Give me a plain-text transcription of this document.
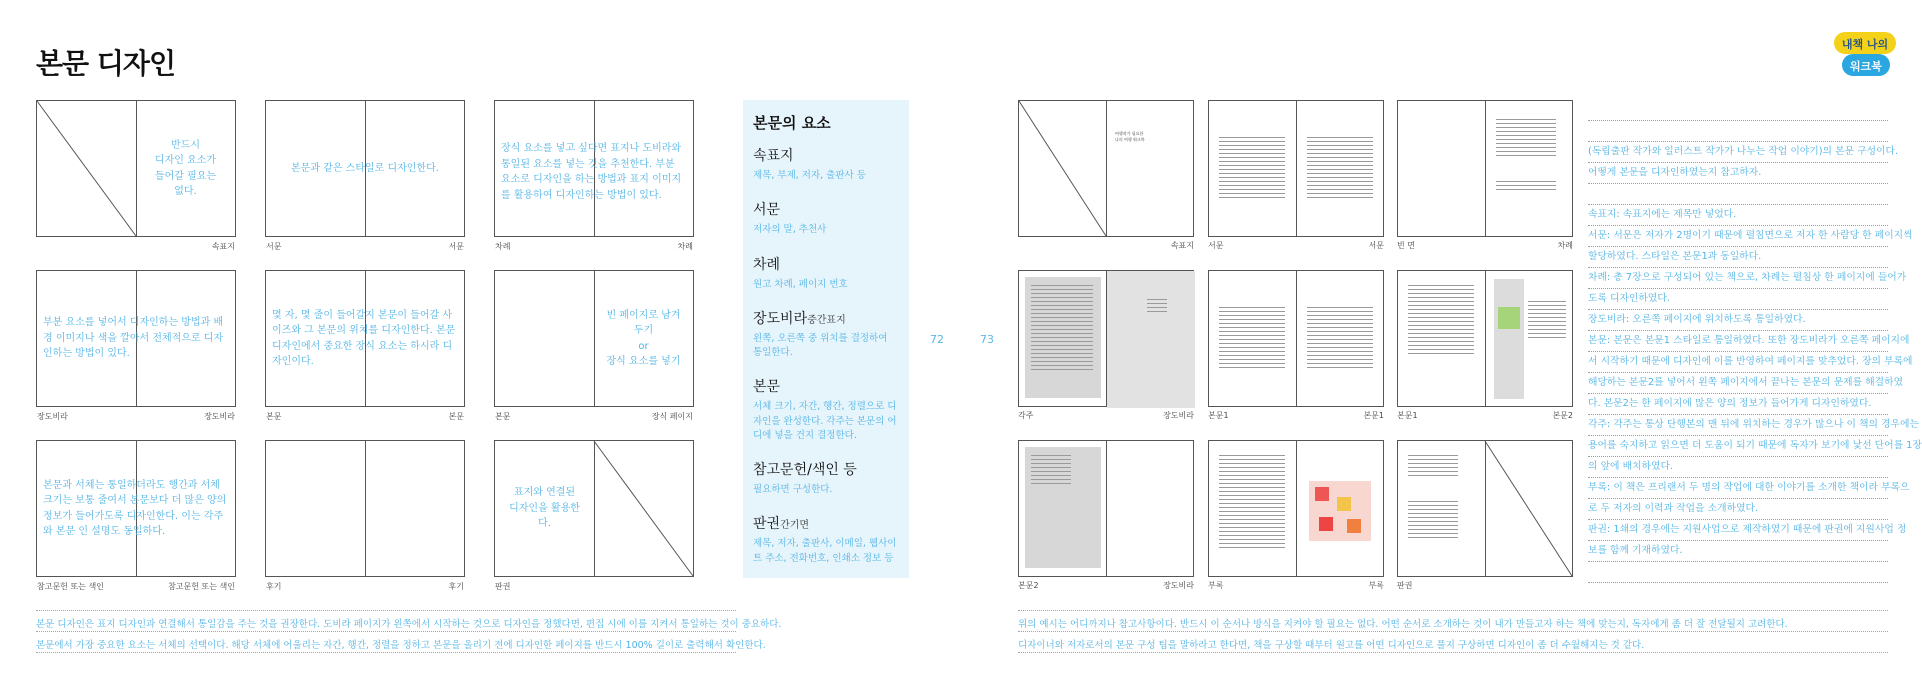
본문 디자인
내책 나의
워크북
72	73
반드시
디자인 요소가
들어갈 필요는
없다.
속표지
본문과 같은 스타일로 디자인한다.
서문	서문
장식 요소를 넣고 싶다면 표지나 도비라와 통일된 요소를 넣는 것을 추천한다. 부분 요소로 디자인을 하는 방법과 표지 이미지를 활용하여 디자인하는 방법이 있다.
차례	차례
부분 요소를 넣어서 디자인하는 방법과 배경 이미지나 색을 깔아서 전체적으로 디자인하는 방법이 있다.
장도비라	장도비라
몇 자, 몇 줄이 들어갈지 본문이 들어갈 사이즈와 그 본문의 위치를 디자인한다. 본문 디자인에서 중요한 장식 요소는 하시라 디자인이다.
본문	본문
빈 페이지로 남겨두기
or
장식 요소를 넣기
본문	장식 페이지
본문과 서체는 통일하더라도 행간과 서체 크기는 보통 줄여서 본문보다 더 많은 양의 정보가 들어가도록 디자인한다. 이는 각주와 본문 인 설명도 동일하다.
참고문헌 또는 색인	참고문헌 또는 색인	후기	후기
표지와 연결된
디자인을 활용한다.
판권
본문의 요소
속표지
제목, 부제, 저자, 출판사 등
서문
저자의 말, 추천사
차례
원고 차례, 페이지 번호
장도비라중간표지
왼쪽, 오른쪽 중 위치를 결정하여 통일한다.
본문
서체 크기, 자간, 행간, 정렬으로 디자인을 완성한다. 각주는 본문의 어디에 넣을 건지 결정한다.
참고문헌/색인 등
필요하면 구성한다.
판권간기면
제목, 저자, 출판사, 이메일, 웹사이트 주소, 전화번호, 인쇄소 정보 등
본문 디자인은 표지 디자인과 연결해서 통일감을 주는 것을 권장한다. 도비라 페이지가 왼쪽에서 시작하는 것으로 디자인을 정했다면, 편집 시에 이를 지켜서 통일하는 것이 중요하다.
본문에서 가장 중요한 요소는 서체의 선택이다. 해당 서체에 어울리는 자간, 행간, 정렬을 정하고 본문을 올리기 전에 디자인한 페이지를 반드시 100% 길이로 출력해서 확인한다.
여행작가 필요한
나의 여행 워크북
속표지 서문	서문 빈 면	차례
각주	장도비라 본문1	본문1 본문1	본문2
본문2	장도비라 부록	부록 판권
(독립출판 작가와 일러스트 작가가 나누는 작업 이야기)의 본문 구성이다.
어떻게 본문을 디자인하였는지 참고하자.
속표지: 속표지에는 제목만 넣었다.
서문: 서문은 저자가 2명이기 때문에 펼침면으로 저자 한 사람당 한 페이지씩
할당하였다. 스타일은 본문1과 동일하다.
차례: 총 7장으로 구성되어 있는 책으로, 차례는 펼침상 한 페이지에 들어가
도록 디자인하였다.
장도비라: 오른쪽 페이지에 위치하도록 통일하였다.
본문: 본문은 본문1 스타일로 통일하였다. 또한 장도비라가 오른쪽 페이지에
서 시작하기 때문에 디자인에 이를 반영하여 페이지를 맞추었다. 장의 부록에
해당하는 본문2를 넣어서 왼쪽 페이지에서 끝나는 본문의 문제를 해결하였
다. 본문2는 한 페이지에 많은 양의 정보가 들어가게 디자인하였다.
각주: 각주는 통상 단행본의 맨 뒤에 위치하는 경우가 많으나 이 책의 경우에는
용어를 숙지하고 읽으면 더 도움이 되기 때문에 독자가 보기에 낯선 단어를 1장
의 앞에 배치하였다.
부록: 이 책은 프리랜서 두 명의 작업에 대한 이야기를 소개한 책이라 부록으
로 두 저자의 이력과 작업을 소개하였다.
판권: 1쇄의 경우에는 지원사업으로 제작하였기 때문에 판권에 지원사업 정
보를 함께 기재하였다.
위의 예시는 어디까지나 참고사항이다. 반드시 이 순서나 방식을 지켜야 할 필요는 없다. 어떤 순서로 소개하는 것이 내가 만들고자 하는 책에 맞는지, 독자에게 좀 더 잘 전달될지 고려한다.
디자이너와 저자로서의 본문 구성 팁을 말하라고 한다면, 책을 구상할 때부터 원고를 어떤 디자인으로 풀지 구상하면 디자인이 좀 더 수월해지는 것 같다.
